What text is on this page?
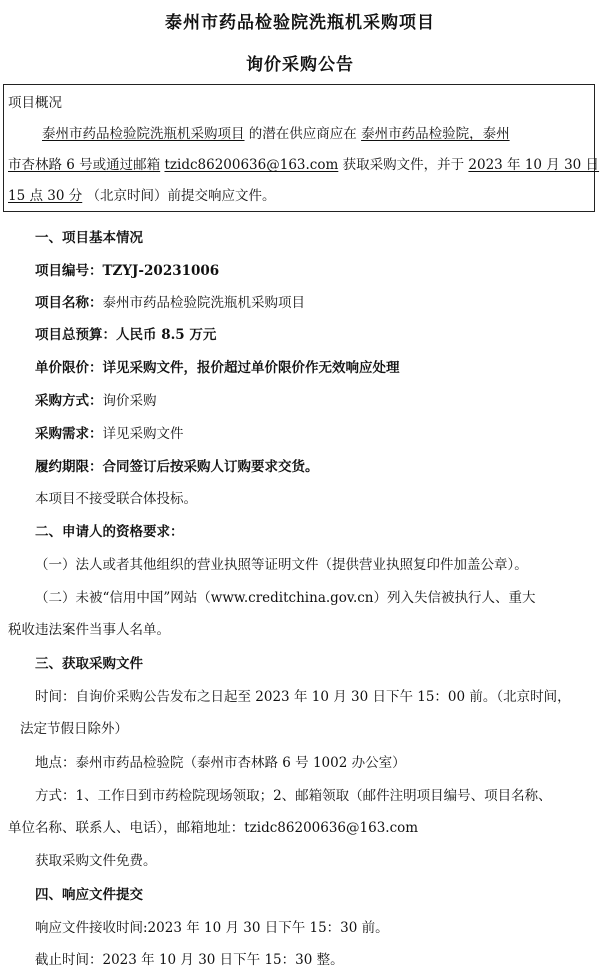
泰州市药品检验院洗瓶机采购项目
询价采购公告
项目概况
泰州市药品检验院洗瓶机采购项目 的潜在供应商应在 泰州市药品检验院，泰州
市杏林路 6 号或通过邮箱 tzidc86200636@163.com 获取采购文件，并于 2023 年 10 月 30 日
15 点 30 分 （北京时间）前提交响应文件。
一、项目基本情况
项目编号：TZYJ-20231006
项目名称：泰州市药品检验院洗瓶机采购项目
项目总预算：人民币 8.5 万元
单价限价：详见采购文件，报价超过单价限价作无效响应处理
采购方式：询价采购
采购需求：详见采购文件
履约期限：合同签订后按采购人订购要求交货。
本项目不接受联合体投标。
二、申请人的资格要求：
（一）法人或者其他组织的营业执照等证明文件（提供营业执照复印件加盖公章）。
（二）未被“信用中国”网站（www.creditchina.gov.cn）列入失信被执行人、重大
税收违法案件当事人名单。
三、获取采购文件
时间：自询价采购公告发布之日起至 2023 年 10 月 30 日下午 15：00 前。（北京时间，
法定节假日除外）
地点：泰州市药品检验院（泰州市杏林路 6 号 1002 办公室）
方式：1、工作日到市药检院现场领取；2、邮箱领取（邮件注明项目编号、项目名称、
单位名称、联系人、电话），邮箱地址：tzidc86200636@163.com
获取采购文件免费。
四、响应文件提交
响应文件接收时间:2023 年 10 月 30 日下午 15：30 前。
截止时间：2023 年 10 月 30 日下午 15：30 整。
